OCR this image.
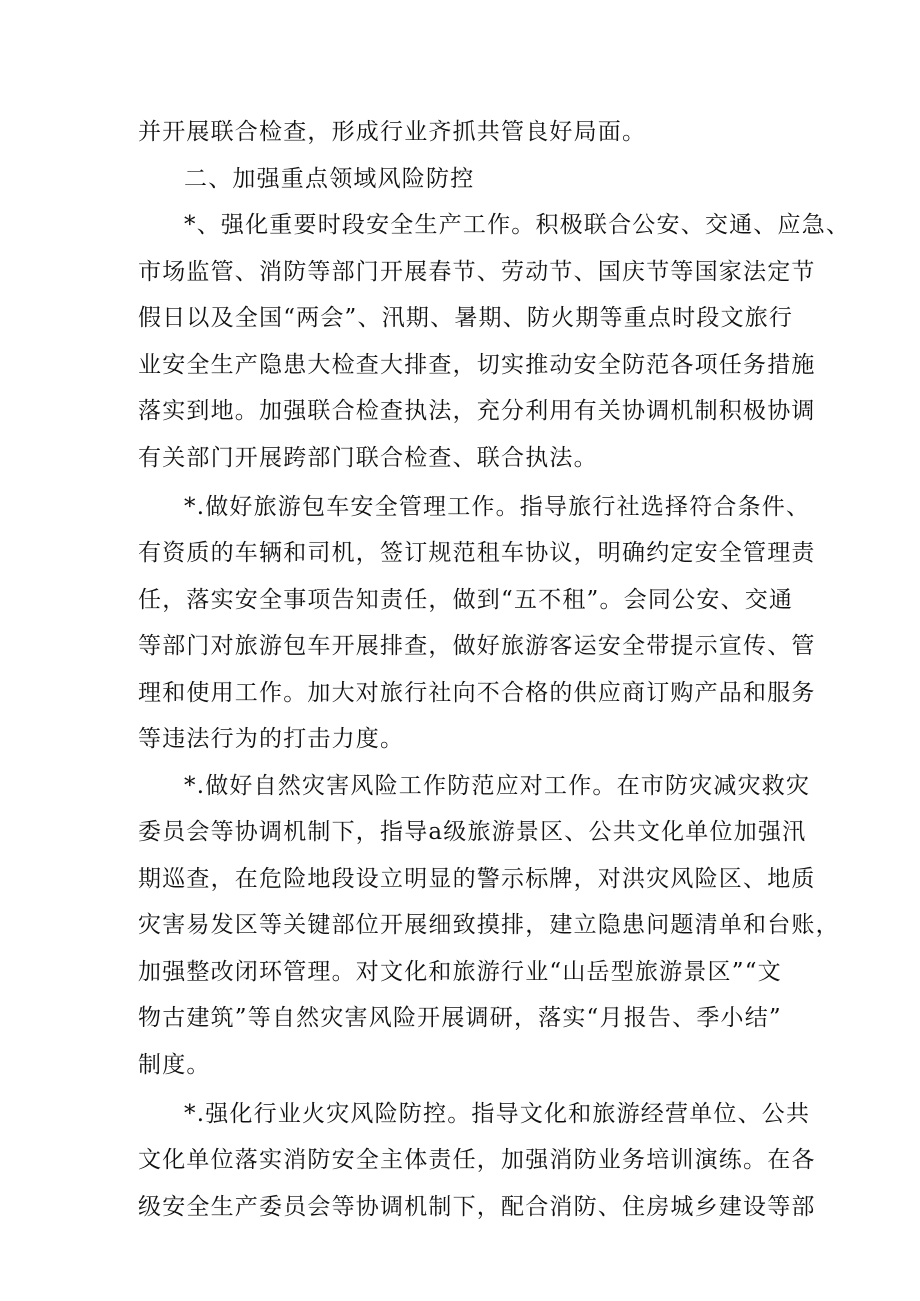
并开展联合检查，形成行业齐抓共管良好局面。
二、加强重点领域风险防控
*、强化重要时段安全生产工作。积极联合公安、交通、应急、
市场监管、消防等部门开展春节、劳动节、国庆节等国家法定节
假日以及全国“两会”、汛期、暑期、防火期等重点时段文旅行
业安全生产隐患大检查大排查，切实推动安全防范各项任务措施
落实到地。加强联合检查执法，充分利用有关协调机制积极协调
有关部门开展跨部门联合检查、联合执法。
*.做好旅游包车安全管理工作。指导旅行社选择符合条件、
有资质的车辆和司机，签订规范租车协议，明确约定安全管理责
任，落实安全事项告知责任，做到“五不租”。会同公安、交通
等部门对旅游包车开展排查，做好旅游客运安全带提示宣传、管
理和使用工作。加大对旅行社向不合格的供应商订购产品和服务
等违法行为的打击力度。
*.做好自然灾害风险工作防范应对工作。在市防灾减灾救灾
委员会等协调机制下，指导a级旅游景区、公共文化单位加强汛
期巡查，在危险地段设立明显的警示标牌，对洪灾风险区、地质
灾害易发区等关键部位开展细致摸排，建立隐患问题清单和台账，
加强整改闭环管理。对文化和旅游行业“山岳型旅游景区”“文
物古建筑”等自然灾害风险开展调研，落实“月报告、季小结”
制度。
*.强化行业火灾风险防控。指导文化和旅游经营单位、公共
文化单位落实消防安全主体责任，加强消防业务培训演练。在各
级安全生产委员会等协调机制下，配合消防、住房城乡建设等部
